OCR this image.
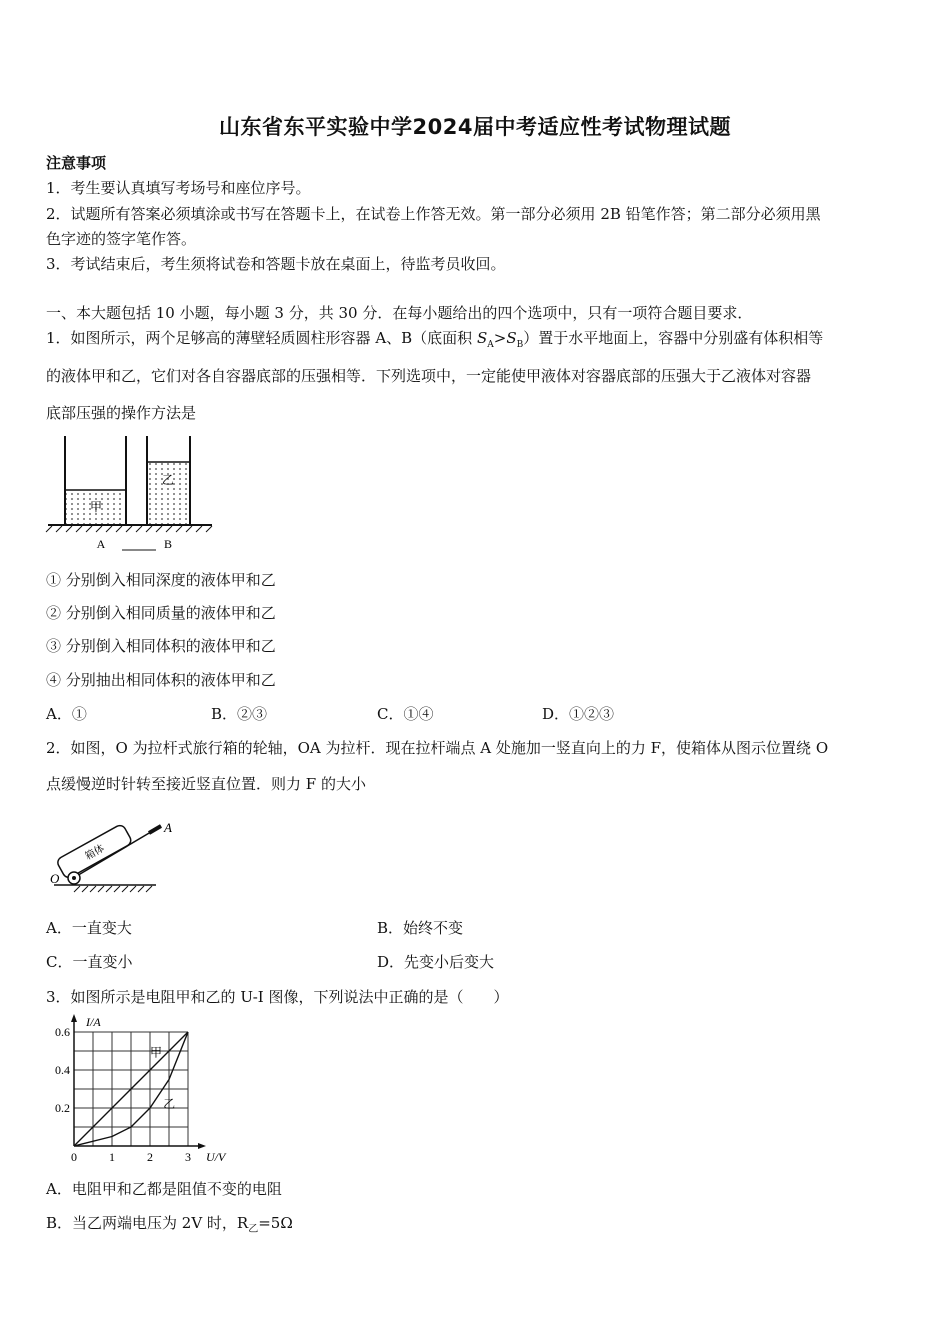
山东省东平实验中学2024届中考适应性考试物理试题
注意事项
1．考生要认真填写考场号和座位序号。
2．试题所有答案必须填涂或书写在答题卡上，在试卷上作答无效。第一部分必须用 2B 铅笔作答；第二部分必须用黑
色字迹的签字笔作答。
3．考试结束后，考生须将试卷和答题卡放在桌面上，待监考员收回。
一、本大题包括 10 小题，每小题 3 分，共 30 分．在每小题给出的四个选项中，只有一项符合题目要求．
1．如图所示，两个足够高的薄壁轻质圆柱形容器 A、B（底面积 $S_A>S_B$）置于水平地面上，容器中分别盛有体积相等
的液体甲和乙，它们对各自容器底部的压强相等．下列选项中，一定能使甲液体对容器底部的压强大于乙液体对容器
底部压强的操作方法是
甲
乙
A	B
① 分别倒入相同深度的液体甲和乙
② 分别倒入相同质量的液体甲和乙
③ 分别倒入相同体积的液体甲和乙
④ 分别抽出相同体积的液体甲和乙
A．①	B．②③	C．①④	D．①②③
2．如图，O 为拉杆式旅行箱的轮轴，OA 为拉杆．现在拉杆端点 A 处施加一竖直向上的力 F，使箱体从图示位置绕 O
点缓慢逆时针转至接近竖直位置．则力 F 的大小
箱体
A
O
A．一直变大	B．始终不变
C．一直变小	D．先变小后变大
3．如图所示是电阻甲和乙的 U-I 图像，下列说法中正确的是（　　）
0	1	2	3
0.2
0.4
0.6
U/V
I/A
甲
乙
A．电阻甲和乙都是阻值不变的电阻
B．当乙两端电压为 2V 时，$R_乙=5\Omega$
